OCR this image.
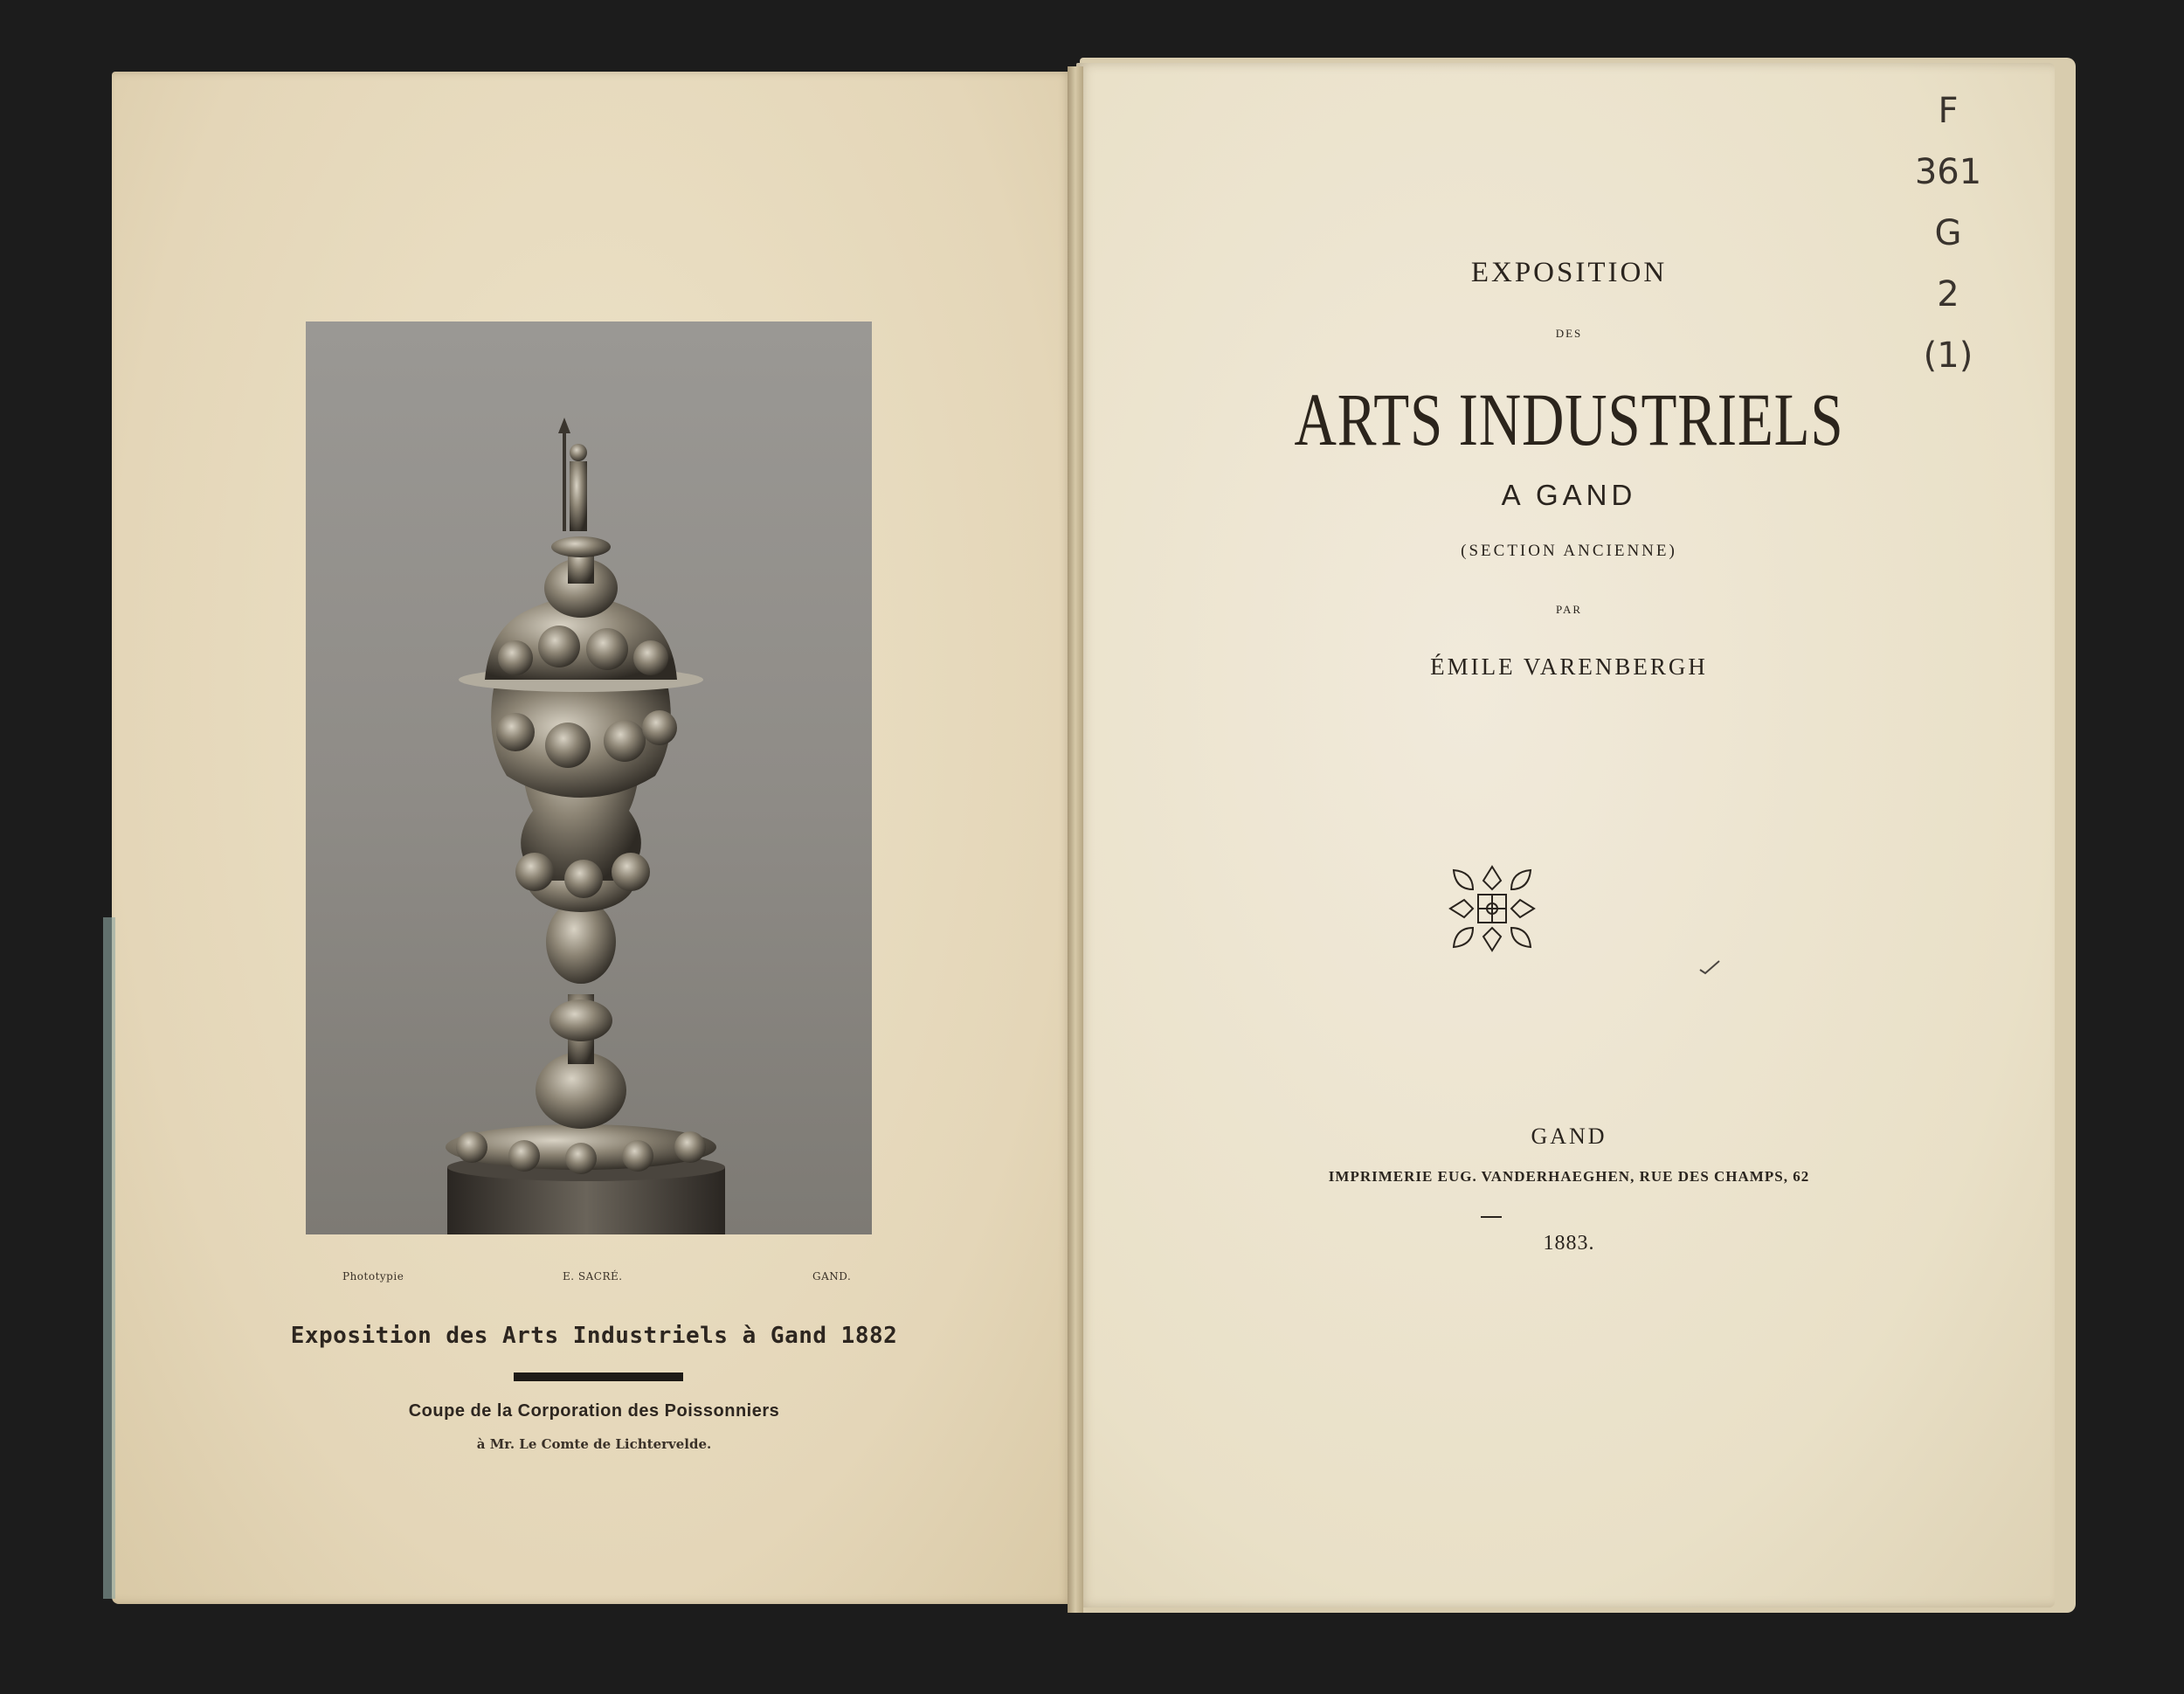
Phototypie	E. SACRÉ.	GAND.
Exposition des Arts Industriels à Gand 1882
Coupe de la Corporation des Poissonniers
à Mr. Le Comte de Lichtervelde.
EXPOSITION
DES
ARTS INDUSTRIELS
A GAND
(SECTION ANCIENNE)
PAR
ÉMILE VARENBERGH
GAND
IMPRIMERIE EUG. VANDERHAEGHEN, RUE DES CHAMPS, 62
1883.
F
361
G
2
(1)
